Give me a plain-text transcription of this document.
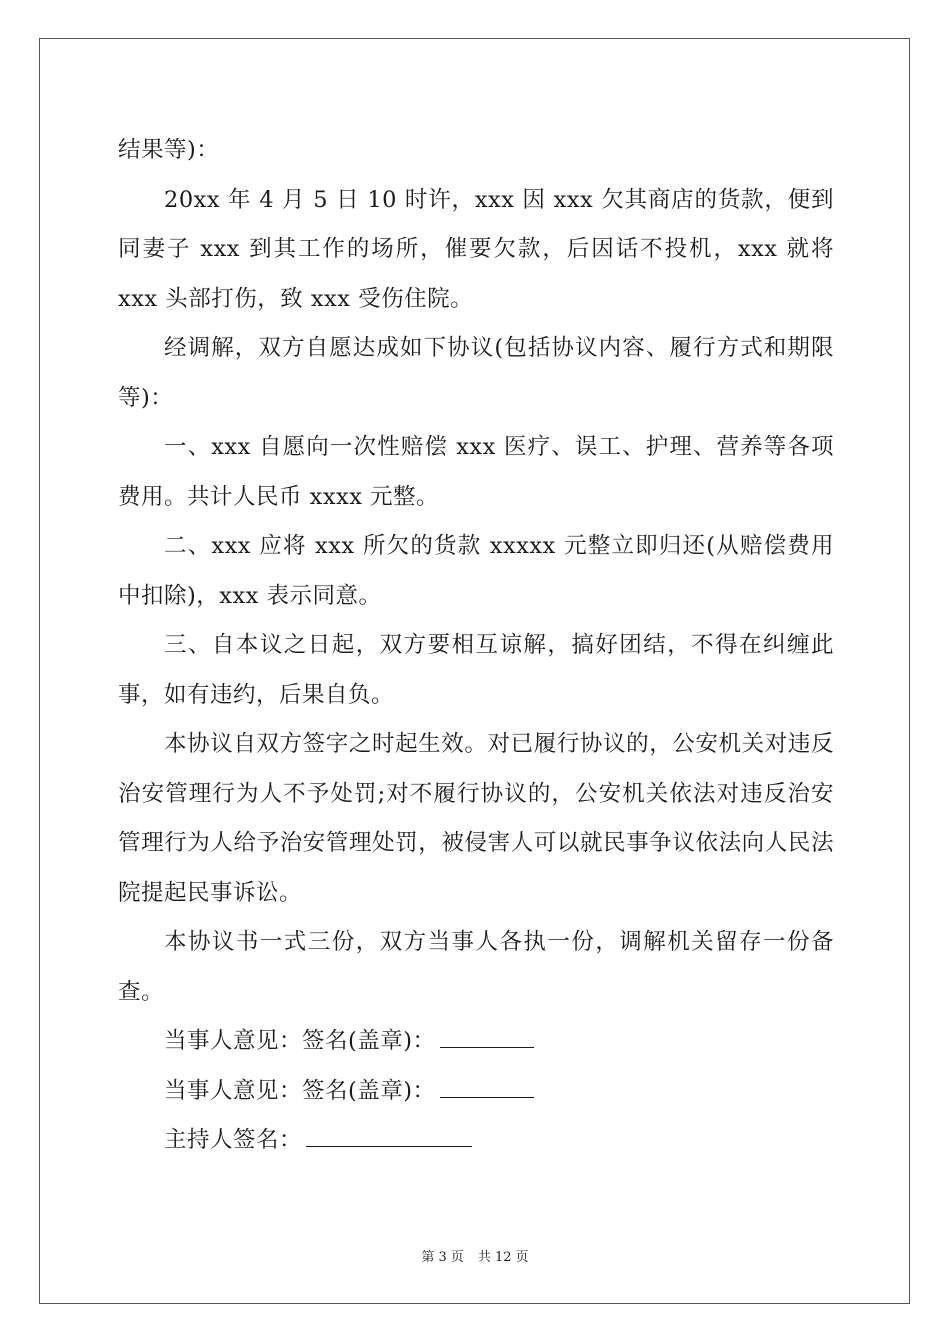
结果等)：

20xx 年 4 月 5 日 10 时许，xxx 因 xxx 欠其商店的货款，便到同妻子 xxx 到其工作的场所，催要欠款，后因话不投机，xxx 就将 xxx 头部打伤，致 xxx 受伤住院。

经调解，双方自愿达成如下协议(包括协议内容、履行方式和期限等)：

一、xxx 自愿向一次性赔偿 xxx 医疗、误工、护理、营养等各项费用。共计人民币 xxxx 元整。

二、xxx 应将 xxx 所欠的货款 xxxxx 元整立即归还(从赔偿费用中扣除)，xxx 表示同意。

三、自本议之日起，双方要相互谅解，搞好团结，不得在纠缠此事，如有违约，后果自负。

本协议自双方签字之时起生效。对已履行协议的，公安机关对违反治安管理行为人不予处罚;对不履行协议的，公安机关依法对违反治安管理行为人给予治安管理处罚，被侵害人可以就民事争议依法向人民法院提起民事诉讼。

本协议书一式三份，双方当事人各执一份，调解机关留存一份备查。

当事人意见：签名(盖章)：

当事人意见：签名(盖章)：

主持人签名：

第 3 页 共 12 页
